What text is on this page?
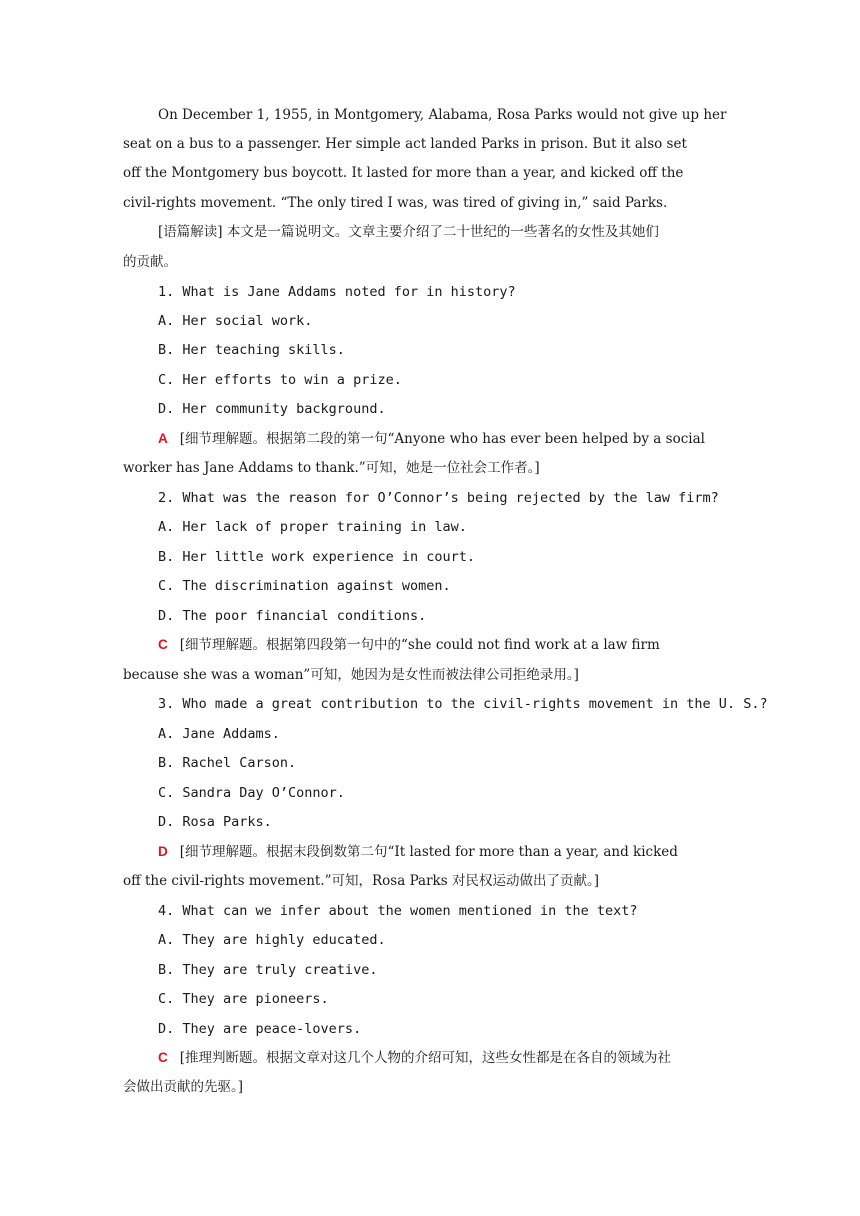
On December 1, 1955, in Montgomery, Alabama, Rosa Parks would not give up her
seat on a bus to a passenger. Her simple act landed Parks in prison. But it also set
off the Montgomery bus boycott. It lasted for more than a year, and kicked off the
civil-rights movement. “The only tired I was, was tired of giving in,” said Parks.
[语篇解读] 本文是一篇说明文。文章主要介绍了二十世纪的一些著名的女性及其她们
的贡献。
1. What is Jane Addams noted for in history?
A. Her social work.
B. Her teaching skills.
C. Her efforts to win a prize.
D. Her community background.
A [细节理解题。根据第二段的第一句“Anyone who has ever been helped by a social
worker has Jane Addams to thank.”可知，她是一位社会工作者。]
2. What was the reason for O’Connor’s being rejected by the law firm?
A. Her lack of proper training in law.
B. Her little work experience in court.
C. The discrimination against women.
D. The poor financial conditions.
C [细节理解题。根据第四段第一句中的“she could not find work at a law firm
because she was a woman”可知，她因为是女性而被法律公司拒绝录用。]
3. Who made a great contribution to the civil-rights movement in the U. S.?
A. Jane Addams.
B. Rachel Carson.
C. Sandra Day O’Connor.
D. Rosa Parks.
D [细节理解题。根据末段倒数第二句“It lasted for more than a year, and kicked
off the civil-rights movement.”可知，Rosa Parks 对民权运动做出了贡献。]
4. What can we infer about the women mentioned in the text?
A. They are highly educated.
B. They are truly creative.
C. They are pioneers.
D. They are peace-lovers.
C [推理判断题。根据文章对这几个人物的介绍可知，这些女性都是在各自的领域为社
会做出贡献的先驱。]
